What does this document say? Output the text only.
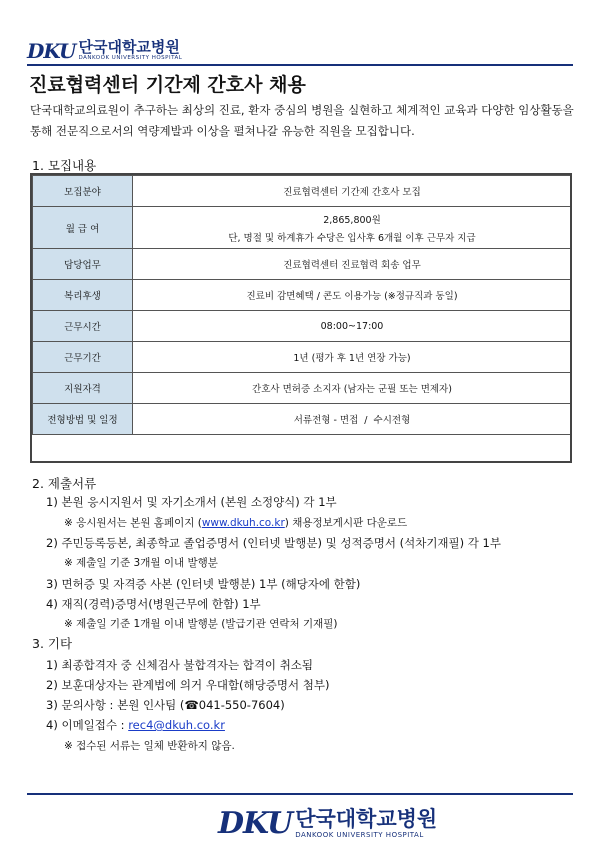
DKU 단국대학교병원
DANKOOK UNIVERSITY HOSPITAL
진료협력센터 기간제 간호사 채용

단국대학교의료원이 추구하는 최상의 진료, 환자 중심의 병원을 실현하고 체계적인 교육과 다양한 임상활동을 통해 전문직으로서의 역량계발과 이상을 펼쳐나갈 유능한 직원을 모집합니다.

1. 모집내용
모집분야	진료협력센터 기간제 간호사 모집
월 급 여	2,865,800원
단, 명절 및 하계휴가 수당은 입사후 6개월 이후 근무자 지급

담당업무	진료협력센터 진료협력 회송 업무
복리후생	진료비 감면혜택 / 콘도 이용가능 (※정규직과 동일)
근무시간	08:00~17:00
근무기간	1년 (평가 후 1년 연장 가능)
지원자격	간호사 면허증 소지자 (남자는 군필 또는 면제자)
전형방법 및 일정	서류전형 - 면접  /  수시전형
2. 제출서류
1) 본원 응시지원서 및 자기소개서 (본원 소정양식) 각 1부
※ 응시원서는 본원 홈페이지 (www.dkuh.co.kr) 채용정보게시판 다운로드
2) 주민등록등본, 최종학교 졸업증명서 (인터넷 발행분) 및 성적증명서 (석차기재필) 각 1부
※ 제출일 기준 3개월 이내 발행분
3) 면허증 및 자격증 사본 (인터넷 발행분) 1부 (해당자에 한함)
4) 재직(경력)증명서(병원근무에 한함) 1부
※ 제출일 기준 1개월 이내 발행분 (발급기관 연락처 기재필)
3. 기타
1) 최종합격자 중 신체검사 불합격자는 합격이 취소됨
2) 보훈대상자는 관계법에 의거 우대함(해당증명서 첨부)
3) 문의사항 : 본원 인사팀 (☎041-550-7604)
4) 이메일접수 : rec4@dkuh.co.kr
※ 접수된 서류는 일체 반환하지 않음.
DKU 단국대학교병원
DANKOOK UNIVERSITY HOSPITAL
